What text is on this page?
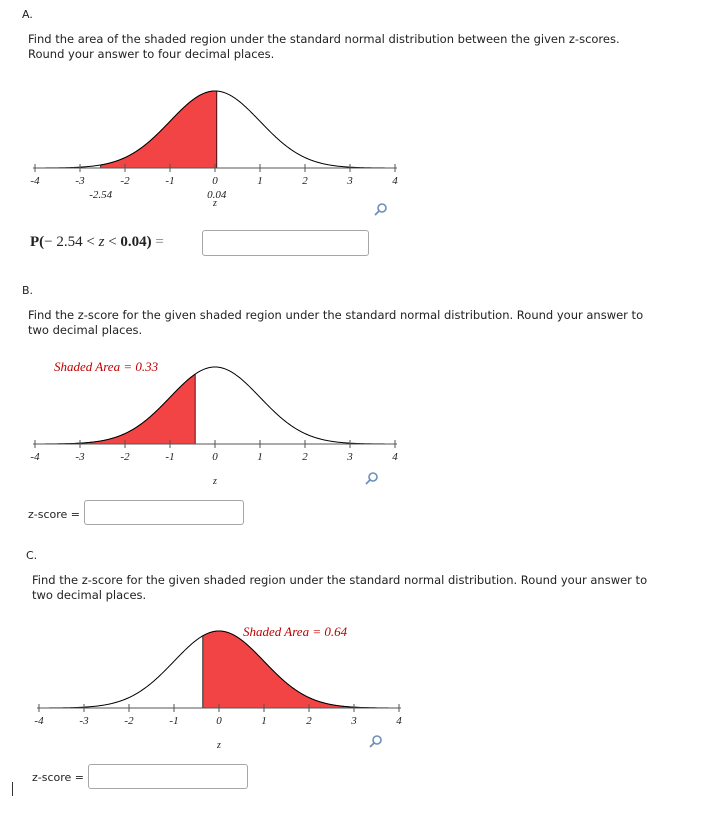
A.
Find the area of the shaded region under the standard normal distribution between the given z-scores.
Round your answer to four decimal places.
-4	-3	-2	-1	0	1	2	3	4
z
-2.54	0.04
P(− 2.54 < z < 0.04) =
B.
Find the z-score for the given shaded region under the standard normal distribution. Round your answer to
two decimal places.
Shaded Area = 0.33
-4	-3	-2	-1	0	1	2	3	4
z
z-score =
C.
Find the z-score for the given shaded region under the standard normal distribution. Round your answer to
two decimal places.
Shaded Area = 0.64
-4	-3	-2	-1	0	1	2	3	4
z
z-score =
